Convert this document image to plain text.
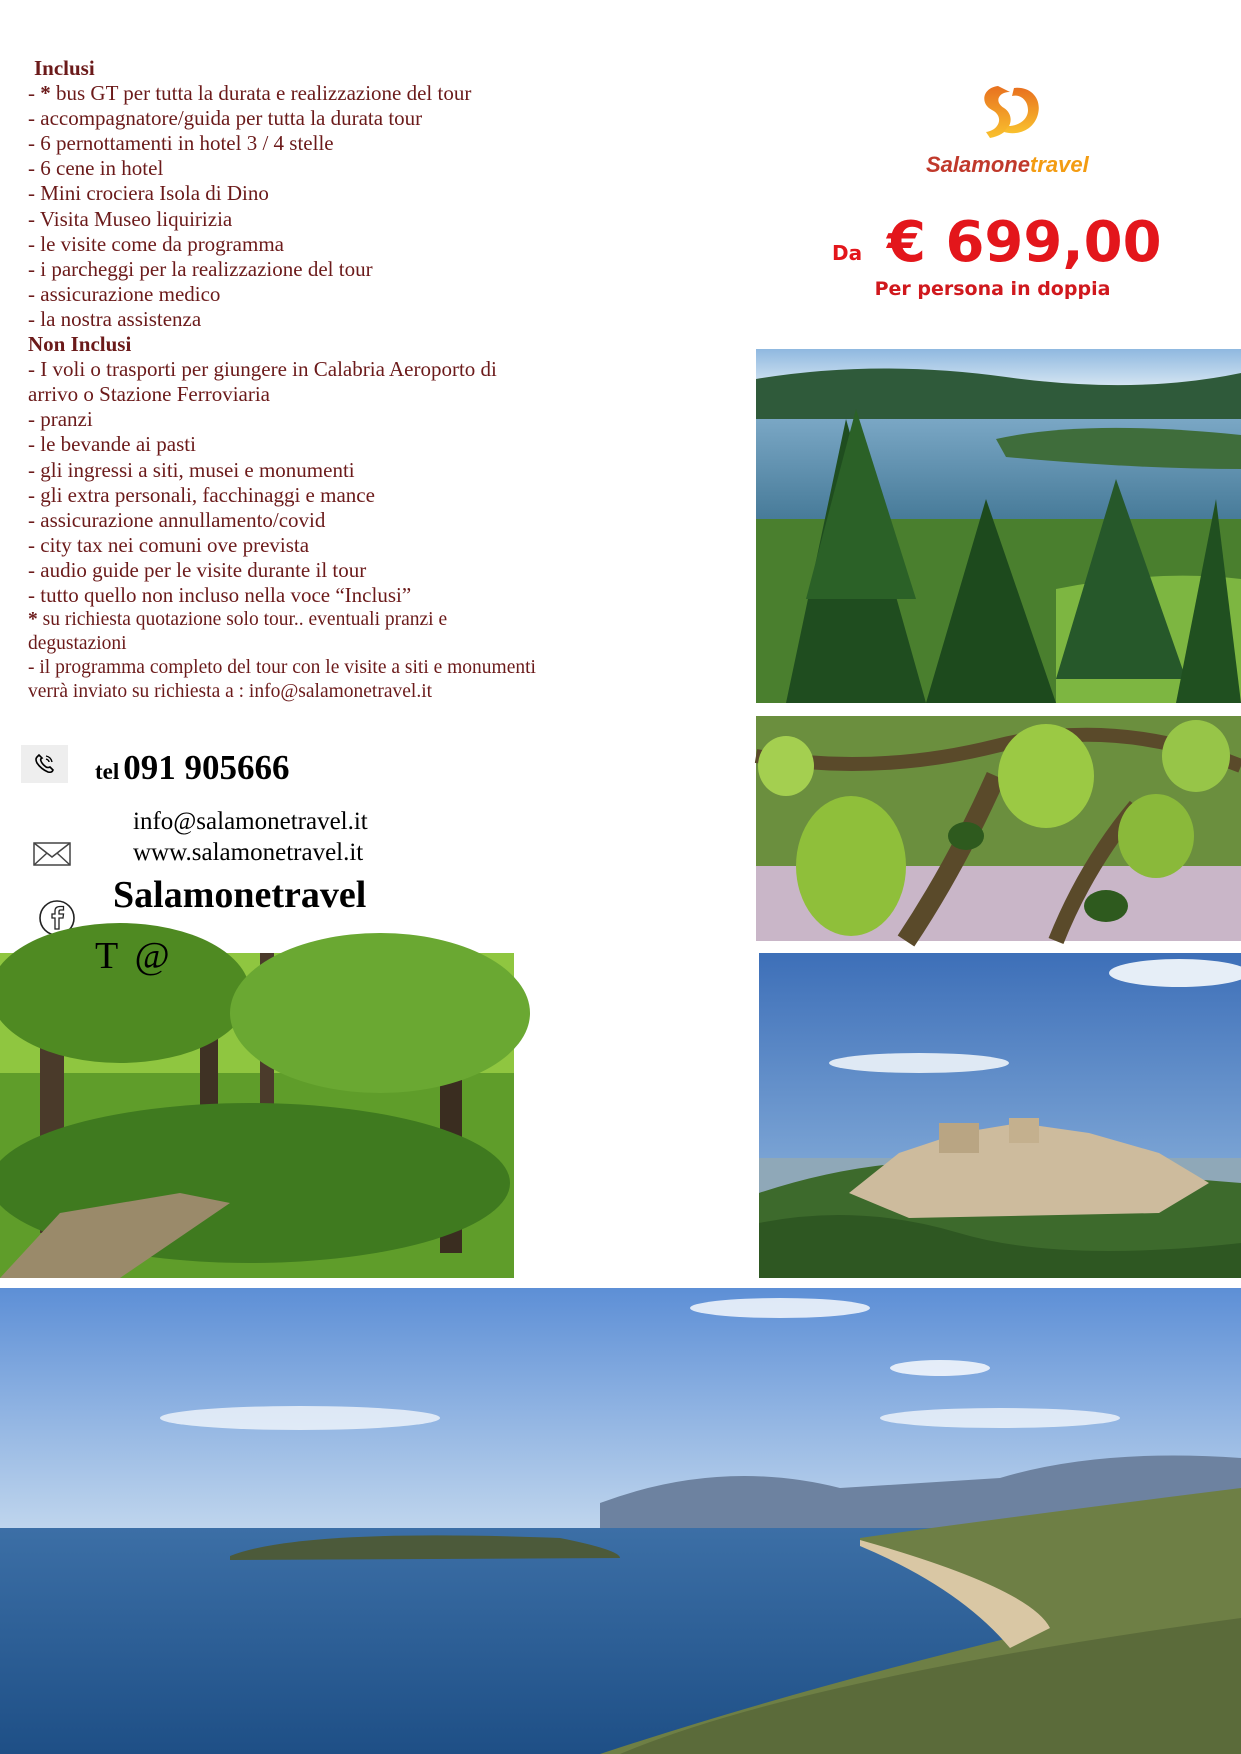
Inclusi
- * bus GT per tutta la durata e realizzazione del tour
- accompagnatore/guida per tutta la durata tour
- 6 pernottamenti in hotel 3 / 4 stelle
- 6 cene in hotel
- Mini crociera Isola di Dino
- Visita Museo liquirizia
- le visite come da programma
- i parcheggi per la realizzazione del tour
- assicurazione medico
- la nostra assistenza
Non Inclusi
- I voli o trasporti per giungere in Calabria Aeroporto di
arrivo o Stazione Ferroviaria
- pranzi
- le bevande ai pasti
- gli ingressi a siti, musei e monumenti
- gli extra personali, facchinaggi e mance
- assicurazione annullamento/covid
- city tax nei comuni ove prevista
- audio guide per le visite durante il tour
- tutto quello non incluso nella voce “Inclusi”
* su richiesta quotazione solo tour.. eventuali pranzi e
degustazioni
- il programma completo del tour con le visite a siti e monumenti
verrà inviato su richiesta a : info@salamonetravel.it
Salamone travel
Da € 699,00
Per persona in doppia
tel 091 905666
info@salamonetravel.it
www.salamonetravel.it
Salamonetravel
